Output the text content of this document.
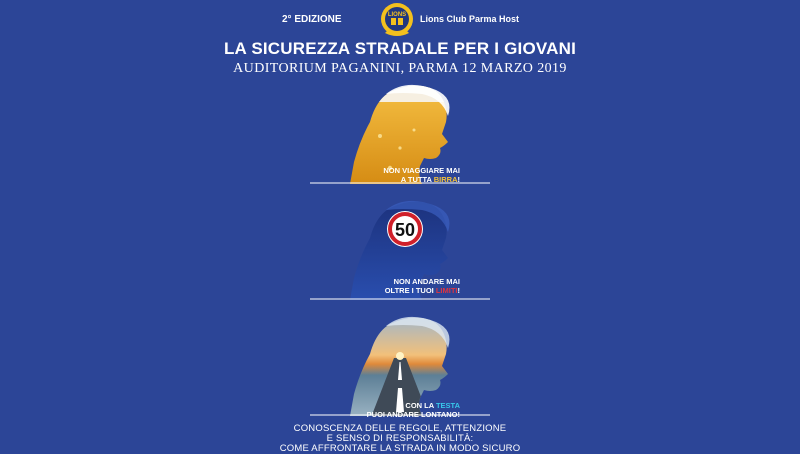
2° EDIZIONE	LIONS Lions Club Parma Host
LA SICUREZZA STRADALE PER I GIOVANI
AUDITORIUM PAGANINI, PARMA 12 MARZO 2019
NON VIAGGIARE MAI
A TUTTA BIRRA!
50
NON ANDARE MAI
OLTRE I TUOI LIMITI!
CON LA TESTA
PUOI ANDARE LONTANO!
CONOSCENZA DELLE REGOLE, ATTENZIONE
E SENSO DI RESPONSABILITÀ:
COME AFFRONTARE LA STRADA IN MODO SICURO
